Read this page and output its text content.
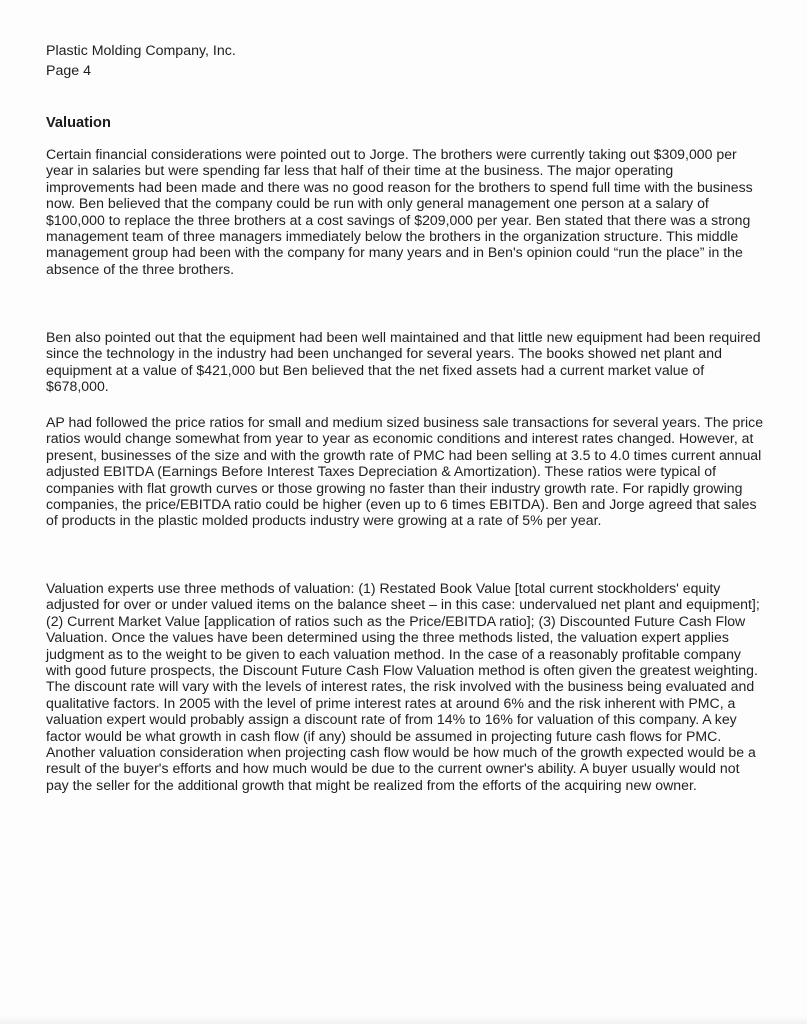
Plastic Molding Company, Inc.
Page 4
Valuation

Certain financial considerations were pointed out to Jorge. The brothers were currently taking out $309,000 per year in salaries but were spending far less that half of their time at the business. The major operating improvements had been made and there was no good reason for the brothers to spend full time with the business now. Ben believed that the company could be run with only general management one person at a salary of $100,000 to replace the three brothers at a cost savings of $209,000 per year. Ben stated that there was a strong management team of three managers immediately below the brothers in the organization structure. This middle management group had been with the company for many years and in Ben's opinion could “run the place” in the absence of the three brothers.

Ben also pointed out that the equipment had been well maintained and that little new equipment had been required since the technology in the industry had been unchanged for several years. The books showed net plant and equipment at a value of $421,000 but Ben believed that the net fixed assets had a current market value of $678,000.

AP had followed the price ratios for small and medium sized business sale transactions for several years. The price ratios would change somewhat from year to year as economic conditions and interest rates changed. However, at present, businesses of the size and with the growth rate of PMC had been selling at 3.5 to 4.0 times current annual adjusted EBITDA (Earnings Before Interest Taxes Depreciation & Amortization). These ratios were typical of companies with flat growth curves or those growing no faster than their industry growth rate. For rapidly growing companies, the price/EBITDA ratio could be higher (even up to 6 times EBITDA). Ben and Jorge agreed that sales of products in the plastic molded products industry were growing at a rate of 5% per year.

Valuation experts use three methods of valuation: (1) Restated Book Value [total current stockholders' equity adjusted for over or under valued items on the balance sheet – in this case: undervalued net plant and equipment]; (2) Current Market Value [application of ratios such as the Price/EBITDA ratio]; (3) Discounted Future Cash Flow Valuation. Once the values have been determined using the three methods listed, the valuation expert applies judgment as to the weight to be given to each valuation method. In the case of a reasonably profitable company with good future prospects, the Discount Future Cash Flow Valuation method is often given the greatest weighting. The discount rate will vary with the levels of interest rates, the risk involved with the business being evaluated and qualitative factors. In 2005 with the level of prime interest rates at around 6% and the risk inherent with PMC, a valuation expert would probably assign a discount rate of from 14% to 16% for valuation of this company. A key factor would be what growth in cash flow (if any) should be assumed in projecting future cash flows for PMC. Another valuation consideration when projecting cash flow would be how much of the growth expected would be a result of the buyer's efforts and how much would be due to the current owner's ability. A buyer usually would not pay the seller for the additional growth that might be realized from the efforts of the acquiring new owner.
